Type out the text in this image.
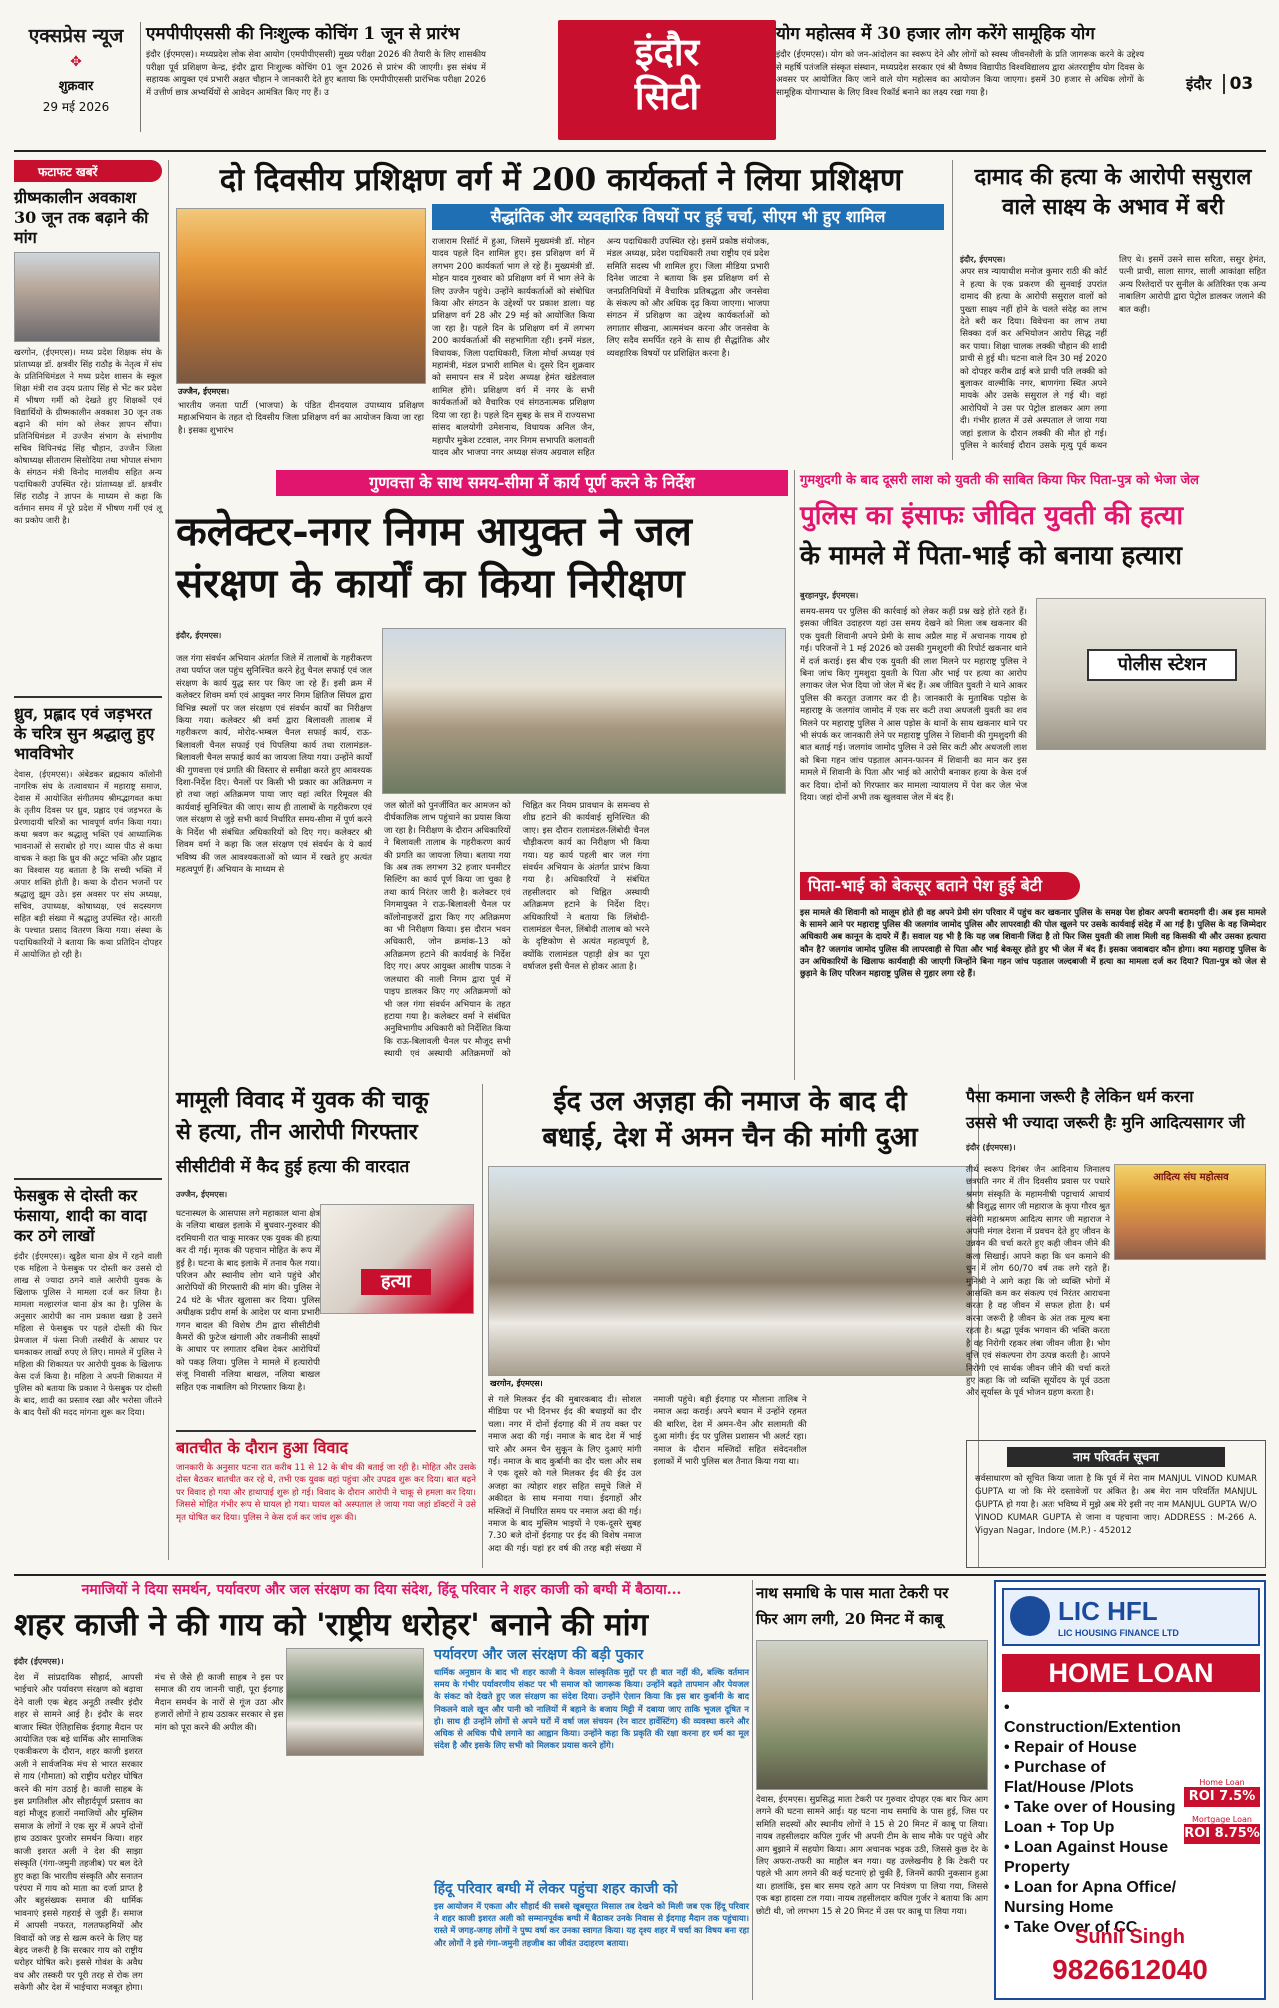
एक्सप्रेस न्यूज
✥
शुक्रवार
29 मई 2026
एमपीपीएससी की निःशुल्क कोचिंग 1 जून से प्रारंभ
इंदौर (ईएमएस)। मध्यप्रदेश लोक सेवा आयोग (एमपीपीएससी) मुख्य परीक्षा 2026 की तैयारी के लिए शासकीय परीक्षा पूर्व प्रशिक्षण केन्द्र, इंदौर द्वारा निःशुल्क कोचिंग 01 जून 2026 से प्रारंभ की जाएगी। इस संबंध में सहायक आयुक्त एवं प्रभारी अक्षत चौहान ने जानकारी देते हुए बताया कि एमपीपीएससी प्रारंभिक परीक्षा 2026 में उत्तीर्ण छात्र अभ्यर्थियों से आवेदन आमंत्रित किए गए हैं। उ
इंदौर
सिटी
योग महोत्सव में 30 हजार लोग करेंगे सामूहिक योग
इंदौर (ईएमएस)। योग को जन-आंदोलन का स्वरूप देने और लोगों को स्वस्थ जीवनशैली के प्रति जागरूक करने के उद्देश्य से महर्षि पतंजलि संस्कृत संस्थान, मध्यप्रदेश सरकार एवं श्री वैष्णव विद्यापीठ विश्वविद्यालय द्वारा अंतरराष्ट्रीय योग दिवस के अवसर पर आयोजित किए जाने वाले योग महोत्सव का आयोजन किया जाएगा। इसमें 30 हजार से अधिक लोगों के सामूहिक योगाभ्यास के लिए विश्व रिकॉर्ड बनाने का लक्ष्य रखा गया है।	इंदौर 03
फटाफट खबरें
ग्रीष्मकालीन अवकाश 30 जून तक बढ़ाने की मांग
खरगोन, (ईएमएस)। मध्य प्रदेश शिक्षक संघ के प्रांताध्यक्ष डॉ. क्षत्रवीर सिंह राठौड़ के नेतृत्व में संघ के प्रतिनिधिमंडल ने मध्य प्रदेश शासन के स्कूल शिक्षा मंत्री राव उदय प्रताप सिंह से भेंट कर प्रदेश में भीषण गर्मी को देखते हुए शिक्षकों एवं विद्यार्थियों के ग्रीष्मकालीन अवकाश 30 जून तक बढ़ाने की मांग को लेकर ज्ञापन सौंपा। प्रतिनिधिमंडल में उज्जैन संभाग के संभागीय सचिव विपिनचंद्र सिंह चौहान, उज्जैन जिला कोषाध्यक्ष सीताराम सिसोदिया तथा भोपाल संभाग के संगठन मंत्री विनोद मालवीय सहित अन्य पदाधिकारी उपस्थित रहे। प्रांताध्यक्ष डॉ. क्षत्रवीर सिंह राठौड़ ने ज्ञापन के माध्यम से कहा कि वर्तमान समय में पूरे प्रदेश में भीषण गर्मी एवं लू का प्रकोप जारी है।
ध्रुव, प्रह्लाद एवं जड़भरत के चरित्र सुन श्रद्धालु हुए भावविभोर
देवास, (ईएमएस)। अंबेडकर ब्रह्मकाय कॉलोनी नागरिक संघ के तत्वावधान में महाराष्ट्र समाज, देवास में आयोजित संगीतमय श्रीमद्भागवत कथा के तृतीय दिवस पर ध्रुव, प्रह्लाद एवं जड़भरत के प्रेरणादायी चरित्रों का भावपूर्ण वर्णन किया गया। कथा श्रवण कर श्रद्धालु भक्ति एवं आध्यात्मिक भावनाओं से सराबोर हो गए। व्यास पीठ से कथा वाचक ने कहा कि ध्रुव की अटूट भक्ति और प्रह्लाद का विश्वास यह बताता है कि सच्ची भक्ति में अपार शक्ति होती है। कथा के दौरान भजनों पर श्रद्धालु झूम उठे। इस अवसर पर संघ अध्यक्ष, सचिव, उपाध्यक्ष, कोषाध्यक्ष, एवं सदस्यगण सहित बड़ी संख्या में श्रद्धालु उपस्थित रहे। आरती के पश्चात प्रसाद वितरण किया गया। संस्था के पदाधिकारियों ने बताया कि कथा प्रतिदिन दोपहर में आयोजित हो रही है।
फेसबुक से दोस्ती कर फंसाया, शादी का वादा कर ठगे लाखों
इंदौर (ईएमएस)। खुड़ैल थाना क्षेत्र में रहने वाली एक महिला ने फेसबुक पर दोस्ती कर उससे दो लाख से ज्यादा ठगने वाले आरोपी युवक के खिलाफ पुलिस ने मामला दर्ज कर लिया है। मामला मल्हारगंज थाना क्षेत्र का है। पुलिस के अनुसार आरोपी का नाम प्रकाश खन्ना है उसने महिला से फेसबुक पर पहले दोस्ती की फिर प्रेमजाल में फंसा निजी तस्वीरों के आधार पर धमकाकर लाखों रुपए ले लिए। मामले में पुलिस ने महिला की शिकायत पर आरोपी युवक के खिलाफ केस दर्ज किया है। महिला ने अपनी शिकायत में पुलिस को बताया कि प्रकाश ने फेसबुक पर दोस्ती के बाद, शादी का प्रस्ताव रखा और भरोसा जीतने के बाद पैसों की मदद मांगना शुरू कर दिया।
दो दिवसीय प्रशिक्षण वर्ग में 200 कार्यकर्ता ने लिया प्रशिक्षण
उज्जैन, ईएमएस।
सैद्धांतिक और व्यवहारिक विषयों पर हुई चर्चा, सीएम भी हुए शामिल
भारतीय जनता पार्टी (भाजपा) के पंडित दीनदयाल उपाध्याय प्रशिक्षण महाअभियान के तहत दो दिवसीय जिला प्रशिक्षण वर्ग का आयोजन किया जा रहा है। इसका शुभारंभ
राजाराम रिसॉर्ट में हुआ, जिसमें मुख्यमंत्री डॉ. मोहन यादव पहले दिन शामिल हुए। इस प्रशिक्षण वर्ग में लगभग 200 कार्यकर्ता भाग ले रहे हैं। मुख्यमंत्री डॉ. मोहन यादव गुरुवार को प्रशिक्षण वर्ग में भाग लेने के लिए उज्जैन पहुंचे। उन्होंने कार्यकर्ताओं को संबोधित किया और संगठन के उद्देश्यों पर प्रकाश डाला। यह प्रशिक्षण वर्ग 28 और 29 मई को आयोजित किया जा रहा है। पहले दिन के प्रशिक्षण वर्ग में लगभग 200 कार्यकर्ताओं की सहभागिता रही। इनमें मंडल, विधायक, जिला पदाधिकारी, जिला मोर्चा अध्यक्ष एवं महामंत्री, मंडल प्रभारी शामिल थे। दूसरे दिन शुक्रवार को समापन सत्र में प्रदेश अध्यक्ष हेमंत खंडेलवाल शामिल होंगे। प्रशिक्षण वर्ग में नगर के सभी कार्यकर्ताओं को वैचारिक एवं संगठनात्मक प्रशिक्षण दिया जा रहा है। पहले दिन सुबह के सत्र में राज्यसभा सांसद बालयोगी उमेशनाथ, विधायक अनिल जैन, महापौर मुकेश टटवाल, नगर निगम सभापति कलावती यादव और भाजपा नगर अध्यक्ष संजय अग्रवाल सहित अन्य पदाधिकारी उपस्थित रहे। इसमें प्रकोष्ठ संयोजक, मंडल अध्यक्ष, प्रदेश पदाधिकारी तथा राष्ट्रीय एवं प्रदेश समिति सदस्य भी शामिल हुए। जिला मीडिया प्रभारी दिनेश जाटवा ने बताया कि इस प्रशिक्षण वर्ग से जनप्रतिनिधियों में वैचारिक प्रतिबद्धता और जनसेवा के संकल्प को और अधिक दृढ़ किया जाएगा। भाजपा संगठन में प्रशिक्षण का उद्देश्य कार्यकर्ताओं को लगातार सीखना, आत्ममंथन करना और जनसेवा के लिए सदैव समर्पित रहने के साथ ही सैद्धांतिक और व्यवहारिक विषयों पर प्रशिक्षित करना है।
दामाद की हत्या के आरोपी ससुराल वाले साक्ष्य के अभाव में बरी
इंदौर, ईएमएस।
अपर सत्र न्यायाधीश मनोज कुमार राठी की कोर्ट ने हत्या के एक प्रकरण की सुनवाई उपरांत दामाद की हत्या के आरोपी ससुराल वालों को पुख्ता साक्ष्य नहीं होने के चलते संदेह का लाभ देते बरी कर दिया। विवेचना का लाभ तथा सिक्का दर्ज कर अभियोजन आरोप सिद्ध नहीं कर पाया। शिक्षा चालक लक्की चौहान की शादी प्राची से हुई थी। घटना वाले दिन 30 मई 2020 को दोपहर करीब ढाई बजे प्राची पति लक्की को बुलाकर वाल्मीकि नगर, बाणगंगा स्थित अपने मायके और उसके ससुराल ले गई थी। वहां आरोपियों ने उस पर पेट्रोल डालकर आग लगा दी। गंभीर हालत में उसे अस्पताल ले जाया गया जहां इलाज के दौरान लक्की की मौत हो गई। पुलिस ने कार्रवाई दौरान उसके मृत्यु पूर्व कथन लिए थे। इसमें उसने सास सरिता, ससुर हेमंत, पत्नी प्राची, साला सागर, साली आकांक्षा सहित अन्य रिश्तेदारों पर सुनील के अतिरिक्त एक अन्य नाबालिग आरोपी द्वारा पेट्रोल डालकर जलाने की बात कही।
गुणवत्ता के साथ समय-सीमा में कार्य पूर्ण करने के निर्देश
कलेक्टर-नगर निगम आयुक्त ने जल
संरक्षण के कार्यों का किया निरीक्षण
इंदौर, ईएमएस।
जल गंगा संवर्धन अभियान अंतर्गत जिले में तालाबों के गहरीकरण तथा पर्याप्त जल पहुंच सुनिश्चित करने हेतु चैनल सफाई एवं जल संरक्षण के कार्य युद्ध स्तर पर किए जा रहे हैं। इसी क्रम में कलेक्टर शिवम वर्मा एवं आयुक्त नगर निगम क्षितिज सिंघल द्वारा विभिन्न स्थलों पर जल संरक्षण एवं संवर्धन कार्यों का निरीक्षण किया गया। कलेक्टर श्री वर्मा द्वारा बिलावली तालाब में गहरीकरण कार्य, मोरोद-भम्बल चैनल सफाई कार्य, राऊ-बिलावली चैनल सफाई एवं पिपलिया कार्य तथा रालामंडल-बिलावली चैनल सफाई कार्य का जायजा लिया गया। उन्होंने कार्यों की गुणवत्ता एवं प्रगति की विस्तार से समीक्षा करते हुए आवश्यक दिशा-निर्देश दिए। चैनलों पर किसी भी प्रकार का अतिक्रमण न हो तथा जहां अतिक्रमण पाया जाए वहां त्वरित रिमूवल की कार्यवाई सुनिश्चित की जाए। साथ ही तालाबों के गहरीकरण एवं जल संरक्षण से जुड़े सभी कार्य निर्धारित समय-सीमा में पूर्ण करने के निर्देश भी संबंधित अधिकारियों को दिए गए। कलेक्टर श्री शिवम वर्मा ने कहा कि जल संरक्षण एवं संवर्धन के ये कार्य भविष्य की जल आवश्यकताओं को ध्यान में रखते हुए अत्यंत महत्वपूर्ण हैं। अभियान के माध्यम से
जल स्रोतों को पुनर्जीवित कर आमजन को दीर्घकालिक लाभ पहुंचाने का प्रयास किया जा रहा है। निरीक्षण के दौरान अधिकारियों ने बिलावली तालाब के गहरीकरण कार्य की प्रगति का जायजा लिया। बताया गया कि अब तक लगभग 32 हजार घनमीटर सिल्टिंग का कार्य पूर्ण किया जा चुका है तथा कार्य निरंतर जारी है। कलेक्टर एवं निगमायुक्त ने राऊ-बिलावली चैनल पर कॉलोनाइजरों द्वारा किए गए अतिक्रमण का भी निरीक्षण किया। इस दौरान भवन अधिकारी, जोन क्रमांक-13 को अतिक्रमण हटाने की कार्यवाई के निर्देश दिए गए। अपर आयुक्त आशीष पाठक ने जलधारा की नाली निगम द्वारा पूर्व में पाइप डालकर किए गए अतिक्रमणों को भी जल गंगा संवर्धन अभियान के तहत हटाया गया है। कलेक्टर वर्मा ने संबंधित अनुविभागीय अधिकारी को निर्देशित किया कि राऊ-बिलावली चैनल पर मौजूद सभी स्थायी एवं अस्थायी अतिक्रमणों को चिह्नित कर नियम प्रावधान के समन्वय से शीघ्र हटाने की कार्यवाई सुनिश्चित की जाए। इस दौरान रालामंडल-लिंबोदी चैनल चौड़ीकरण कार्य का निरीक्षण भी किया गया। यह कार्य पहली बार जल गंगा संवर्धन अभियान के अंतर्गत प्रारंभ किया गया है। अधिकारियों ने संबंधित तहसीलदार को चिह्नित अस्थायी अतिक्रमण हटाने के निर्देश दिए। अधिकारियों ने बताया कि लिंबोदी-रालामंडल चैनल, लिंबोदी तालाब को भरने के दृष्टिकोण से अत्यंत महत्वपूर्ण है, क्योंकि रालामंडल पहाड़ी क्षेत्र का पूरा वर्षाजल इसी चैनल से होकर आता है।
गुमशुदगी के बाद दूसरी लाश को युवती की साबित किया फिर पिता-पुत्र को भेजा जेल
पुलिस का इंसाफः जीवित युवती की हत्या
के मामले में पिता-भाई को बनाया हत्यारा
बुरहानपुर, ईएमएस।
पोलीस स्टेशन
समय-समय पर पुलिस की कार्रवाई को लेकर कहीं प्रश्न खड़े होते रहते हैं। इसका जीवित उदाहरण यहां उस समय देखने को मिला जब खकनार की एक युवती शिवानी अपने प्रेमी के साथ अप्रैल माह में अचानक गायब हो गई। परिजनों ने 1 मई 2026 को उसकी गुमशुदगी की रिपोर्ट खकनार थाने में दर्ज कराई। इस बीच एक युवती की लाश मिलने पर महाराष्ट्र पुलिस ने बिना जांच किए गुमशुदा युवती के पिता और भाई पर हत्या का आरोप लगाकर जेल भेज दिया जो जेल में बंद हैं। अब जीवित युवती ने थाने आकर पुलिस की करतूत उजागर कर दी है। जानकारी के मुताबिक पड़ोस के महाराष्ट्र के जलगांव जामोद में एक सर कटी तथा अधजली युवती का शव मिलने पर महाराष्ट्र पुलिस ने आस पड़ोस के थानों के साथ खकनार थाने पर भी संपर्क कर जानकारी लेने पर महाराष्ट्र पुलिस ने शिवानी की गुमशुदगी की बात बताई गई। जलगांव जामोद पुलिस ने उसे सिर कटी और अधजली लाश को बिना गहन जांच पड़ताल आनन-फानन में शिवानी का मान कर इस मामले में शिवानी के पिता और भाई को आरोपी बनाकर हत्या के केस दर्ज कर दिया। दोनों को गिरफ्तार कर मामला न्यायालय में पेश कर जेल भेज दिया। जहां दोनों अभी तक खुलवास जेल में बंद हैं।
पिता-भाई को बेकसूर बताने पेश हुई बेटी
इस मामले की शिवानी को मालूम होते ही वह अपने प्रेमी संग परिवार में पहुंच कर खकनार पुलिस के समक्ष पेश होकर अपनी बरामदगी दी। अब इस मामले के सामने आने पर महाराष्ट्र पुलिस की जलगांव जामोद पुलिस और लापरवाही की पोल खुलने पर उसके कार्यवाई संदेह में आ गई है। पुलिस के वह जिम्मेदार अधिकारी अब कानून के दायरे में हैं। सवाल यह भी है कि यह जब शिवानी जिंदा है तो फिर जिस युवती की लाश मिली वह किसकी थी और उसका हत्यारा कौन है? जलगांव जामोद पुलिस की लापरवाही से पिता और भाई बेकसूर होते हुए भी जेल में बंद हैं। इसका जवाबदार कौन होगा। क्या महाराष्ट्र पुलिस के उन अधिकारियों के खिलाफ कार्यवाही की जाएगी जिन्होंने बिना गहन जांच पड़ताल जल्दबाजी में हत्या का मामला दर्ज कर दिया? पिता-पुत्र को जेल से छुड़ाने के लिए परिजन महाराष्ट्र पुलिस से गुहार लगा रहे हैं।
मामूली विवाद में युवक की चाकू
से हत्या, तीन आरोपी गिरफ्तार
सीसीटीवी में कैद हुई हत्या की वारदात
उज्जैन, ईएमएस।
हत्या
घटनास्थल के आसपास लगे महाकाल थाना क्षेत्र के नलिया बाखल इलाके में बुधवार-गुरुवार की दरमियानी रात चाकू मारकर एक युवक की हत्या कर दी गई। मृतक की पहचान मोहित के रूप में हुई है। घटना के बाद इलाके में तनाव फैल गया। परिजन और स्थानीय लोग थाने पहुंचे और आरोपियों की गिरफ्तारी की मांग की। पुलिस ने 24 घंटे के भीतर खुलासा कर दिया। पुलिस अधीक्षक प्रदीप शर्मा के आदेश पर थाना प्रभारी गगन बादल की विशेष टीम द्वारा सीसीटीवी कैमरों की फुटेज खंगाली और तकनीकी साक्ष्यों के आधार पर लगातार दबिश देकर आरोपियों को पकड़ लिया। पुलिस ने मामले में हत्यारोपी संजू निवासी नलिया बाखल, नलिया बाखल सहित एक नाबालिग को गिरफ्तार किया है।
बातचीत के दौरान हुआ विवाद
जानकारी के अनुसार घटना रात करीब 11 से 12 के बीच की बताई जा रही है। मोहित और उसके दोस्त बैठकर बातचीत कर रहे थे, तभी एक युवक वहां पहुंचा और उपद्रव शुरू कर दिया। बात बढ़ने पर विवाद हो गया और हाथापाई शुरू हो गई। विवाद के दौरान आरोपी ने चाकू से हमला कर दिया। जिससे मोहित गंभीर रूप से घायल हो गया। घायल को अस्पताल ले जाया गया जहां डॉक्टरों ने उसे मृत घोषित कर दिया। पुलिस ने केस दर्ज कर जांच शुरू की।
ईद उल अज़हा की नमाज के बाद दी
बधाई, देश में अमन चैन की मांगी दुआ
खरगोन, ईएमएस।
से गले मिलकर ईद की मुबारकबाद दी। सोशल मीडिया पर भी दिनभर ईद की बधाइयों का दौर चला। नगर में दोनों ईदगाह की में तय वक्त पर नमाज अदा की गई। नमाज के बाद देश में भाई चारे और अमन चैन सुकून के लिए दुआएं मांगी गईं। नमाज के बाद कुर्बानी का दौर चला और सब ने एक दूसरे को गले मिलकर ईद की ईद उल अजहा का त्योहार शहर सहित समूचे जिले में अकीदत के साथ मनाया गया। ईदगाहों और मस्जिदों में निर्धारित समय पर नमाज अदा की गई। नमाज के बाद मुस्लिम भाइयों ने एक-दूसरे सुबह 7.30 बजे दोनों ईदगाह पर ईद की विशेष नमाज अदा की गई। यहां हर वर्ष की तरह बड़ी संख्या में नमाजी पहुंचे। बड़ी ईदगाह पर मौलाना तालिब ने नमाज अदा कराई। अपने बयान में उन्होंने रहमत की बारिश, देश में अमन-चैन और सलामती की दुआ मांगी। ईद पर पुलिस प्रशासन भी अलर्ट रहा। नमाज के दौरान मस्जिदों सहित संवेदनशील इलाकों में भारी पुलिस बल तैनात किया गया था।
पैसा कमाना जरूरी है लेकिन धर्म करना
उससे भी ज्यादा जरूरी हैः मुनि आदित्यसागर जी
इंदौर (ईएमएस)।
आदित्य संघ महोत्सव
तीर्थ स्वरूप दिगंबर जैन आदिनाथ जिनालय छत्रपति नगर में तीन दिवसीय प्रवास पर पधारे श्रमण संस्कृति के महामनीषी पट्टाचार्य आचार्य श्री विशुद्ध सागर जी महाराज के कृपा गौरव श्रुत संवेगी महाश्रमण आदित्य सागर जी महाराज ने अपनी मंगल देशना में प्रवचन देते हुए जीवन के उन्नयन की चर्चा करते हुए कही जीवन जीने की कला सिखाई। आपने कहा कि धन कमाने की धुन में लोग 60/70 वर्ष तक लगे रहते हैं। मुनिश्री ने आगे कहा कि जो व्यक्ति भोगों में आसक्ति कम कर संकल्प एवं निरंतर आराधना करता है वह जीवन में सफल होता है। धर्म करना जरूरी है जीवन के अंत तक मूल्य बना रहता है। श्रद्धा पूर्वक भगवान की भक्ति करता है वह निरोगी रहकर लंबा जीवन जीता है। भोग वृत्ति एवं संकल्पना रोग उत्पन्न करती है। आपने निरोगी एवं सार्थक जीवन जीने की चर्चा करते हुए कहा कि जो व्यक्ति सूर्योदय के पूर्व उठता और सूर्यास्त के पूर्व भोजन ग्रहण करता है।
नाम परिवर्तन सूचना
सर्वसाधारण को सूचित किया जाता है कि पूर्व में मेरा नाम MANJUL VINOD KUMAR GUPTA था जो कि मेरे दस्तावेजों पर अंकित है। अब मेरा नाम परिवर्तित MANJUL GUPTA हो गया है। अतः भविष्य में मुझे अब मेरे इसी नए नाम MANJUL GUPTA W/O VINOD KUMAR GUPTA से जाना व पहचाना जाए। ADDRESS : M-266 A. Vigyan Nagar, Indore (M.P.) - 452012
नमाजियों ने दिया समर्थन, पर्यावरण और जल संरक्षण का दिया संदेश, हिंदू परिवार ने शहर काजी को बग्घी में बैठाया...
शहर काजी ने की गाय को 'राष्ट्रीय धरोहर' बनाने की मांग
इंदौर (ईएमएस)।
देश में सांप्रदायिक सौहार्द, आपसी भाईचारे और पर्यावरण संरक्षण को बढ़ावा देने वाली एक बेहद अनूठी तस्वीर इंदौर शहर से सामने आई है। इंदौर के सदर बाजार स्थित ऐतिहासिक ईदगाह मैदान पर आयोजित एक बड़े धार्मिक और सामाजिक एकत्रीकरण के दौरान, शहर काजी इशरत अली ने सार्वजनिक मंच से भारत सरकार से गाय (गौमाता) को राष्ट्रीय धरोहर घोषित करने की मांग उठाई है। काजी साहब के इस प्रगतिशील और सौहार्दपूर्ण प्रस्ताव का वहां मौजूद हजारों नमाजियों और मुस्लिम समाज के लोगों ने एक सुर में अपने दोनों हाथ उठाकर पुरजोर समर्थन किया। शहर काजी इशरत अली ने देश की साझा संस्कृति (गंगा-जमुनी तहजीब) पर बल देते हुए कहा कि भारतीय संस्कृति और सनातन परंपरा में गाय को माता का दर्जा प्राप्त है और बहुसंख्यक समाज की धार्मिक भावनाएं इससे गहराई से जुड़ी हैं। समाज में आपसी नफरत, गलतफहमियों और विवादों को जड़ से खत्म करने के लिए यह बेहद जरूरी है कि सरकार गाय को राष्ट्रीय धरोहर घोषित करे। इससे गोवंश के अवैध वध और तस्करी पर पूरी तरह से रोक लग सकेगी और देश में भाईचारा मजबूत होगा। मंच से जैसे ही काजी साहब ने इस पर समाज की राय जाननी चाही, पूरा ईदगाह मैदान समर्थन के नारों से गूंज उठा और हजारों लोगों ने हाथ उठाकर सरकार से इस मांग को पूरा करने की अपील की।
पर्यावरण और जल संरक्षण की बड़ी पुकार
धार्मिक अनुष्ठान के बाद भी शहर काजी ने केवल सांस्कृतिक मुद्दों पर ही बात नहीं की, बल्कि वर्तमान समय के गंभीर पर्यावरणीय संकट पर भी समाज को जागरूक किया। उन्होंने बढ़ते तापमान और पेयजल के संकट को देखते हुए जल संरक्षण का संदेश दिया। उन्होंने ऐलान किया कि इस बार कुर्बानी के बाद निकलने वाले खून और पानी को नालियों में बहाने के बजाय मिट्टी में दबाया जाए ताकि भूजल दूषित न हो। साथ ही उन्होंने लोगों से अपने घरों में वर्षा जल संचयन (रेन वाटर हार्वेस्टिंग) की व्यवस्था करने और अधिक से अधिक पौधे लगाने का आह्वान किया। उन्होंने कहा कि प्रकृति की रक्षा करना हर धर्म का मूल संदेश है और इसके लिए सभी को मिलकर प्रयास करने होंगे।
हिंदू परिवार बग्घी में लेकर पहुंचा शहर काजी को
इस आयोजन में एकता और सौहार्द की सबसे खूबसूरत मिसाल तब देखने को मिली जब एक हिंदू परिवार ने शहर काजी इशरत अली को सम्मानपूर्वक बग्घी में बैठाकर उनके निवास से ईदगाह मैदान तक पहुंचाया। रास्ते में जगह-जगह लोगों ने पुष्प वर्षा कर उनका स्वागत किया। यह दृश्य शहर में चर्चा का विषय बना रहा और लोगों ने इसे गंगा-जमुनी तहजीब का जीवंत उदाहरण बताया।
नाथ समाधि के पास माता टेकरी पर
फिर आग लगी, 20 मिनट में काबू
देवास, ईएमएस। सुप्रसिद्ध माता टेकरी पर गुरुवार दोपहर एक बार फिर आग लगने की घटना सामने आई। यह घटना नाथ समाधि के पास हुई, जिस पर समिति सदस्यों और स्थानीय लोगों ने 15 से 20 मिनट में काबू पा लिया। नायब तहसीलदार कपिल गुर्जर भी अपनी टीम के साथ मौके पर पहुंचे और आग बुझाने में सहयोग किया। आग अचानक भड़क उठी, जिससे कुछ देर के लिए अफरा-तफरी का माहौल बन गया। यह उल्लेखनीय है कि टेकरी पर पहले भी आग लगने की कई घटनाएं हो चुकी हैं, जिनमें काफी नुकसान हुआ था। हालांकि, इस बार समय रहते आग पर नियंत्रण पा लिया गया, जिससे एक बड़ा हादसा टल गया। नायब तहसीलदार कपिल गुर्जर ने बताया कि आग छोटी थी, जो लगभग 15 से 20 मिनट में उस पर काबू पा लिया गया।
LIC HFL
LIC HOUSING FINANCE LTD
HOME LOAN
• Construction/Extention
• Repair of House
• Purchase of Flat/House /Plots
• Take over of Housing Loan + Top Up
• Loan Against House Property
• Loan for Apna Office/ Nursing Home
• Take Over of CC
Home Loan
ROI 7.5%
Mortgage Loan
ROI 8.75%
Sunil Singh
9826612040
